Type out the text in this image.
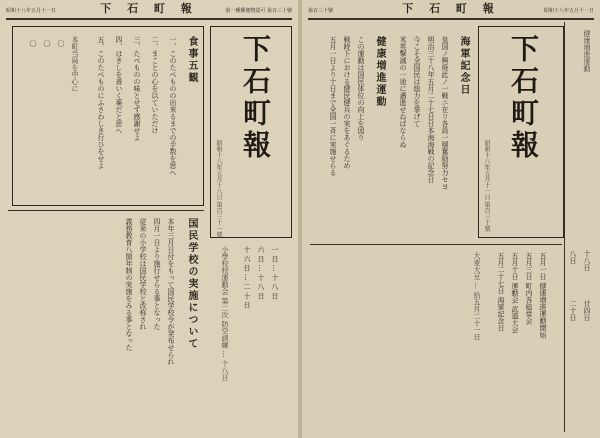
昭和十八年五月十一日	下 石 町 報	第一種郵便物認可 第百三十號
下石町報
昭和十八年五月十八日 第百三十一號
食事五観
一、このたべものの出来るまでの手数を思へ
二、まことの心を以ていただけ
三、たべものの味とせず感謝せよ
四、はきしを善いく薬だと思へ
五、このたべものにふさわしき行ひをせよ
本町当局を中心に
〇
〇
〇
一 日 … 十 八 日
六 日 … 十 八 日
十 六 日 … 二 十 日
小學校校運動会 第二次 防空訓練 … 十八日
国民学校の実施について
本年三月日付をもって国民学校令が発布せられ
四月一日より施行せらる事となった
従来の小学校は国民学校と改称され
義務教育八箇年制の実施をみる事となった
第百三十號	下 石 町 報	昭和十八年五月十一日
下石町報
昭和十八年五月十一日 第百三十號
健康増進運動
八日 十八日
二十日 廿四日
海軍記念日
皇国ノ興廃此ノ一戦ニ在リ各員一層奮励努力セヨ
明治三十八年五月二十七日日本海海戦の記念日
今こそ全国民は総力を挙げて
米英撃滅の一途に邁進せねばならぬ
健康増進運動
この運動は国民体位の向上を図り
戦時下における健民健兵の実をあぐるため
五月一日より十日まで全国一斉に実施せらる
五月一日 健康増進運動開始
五月三日 町内各組常会
五月十日 運動会 武道大会
五月二十七日 海軍記念日
大麦大豆 … 拾五月二十一日
